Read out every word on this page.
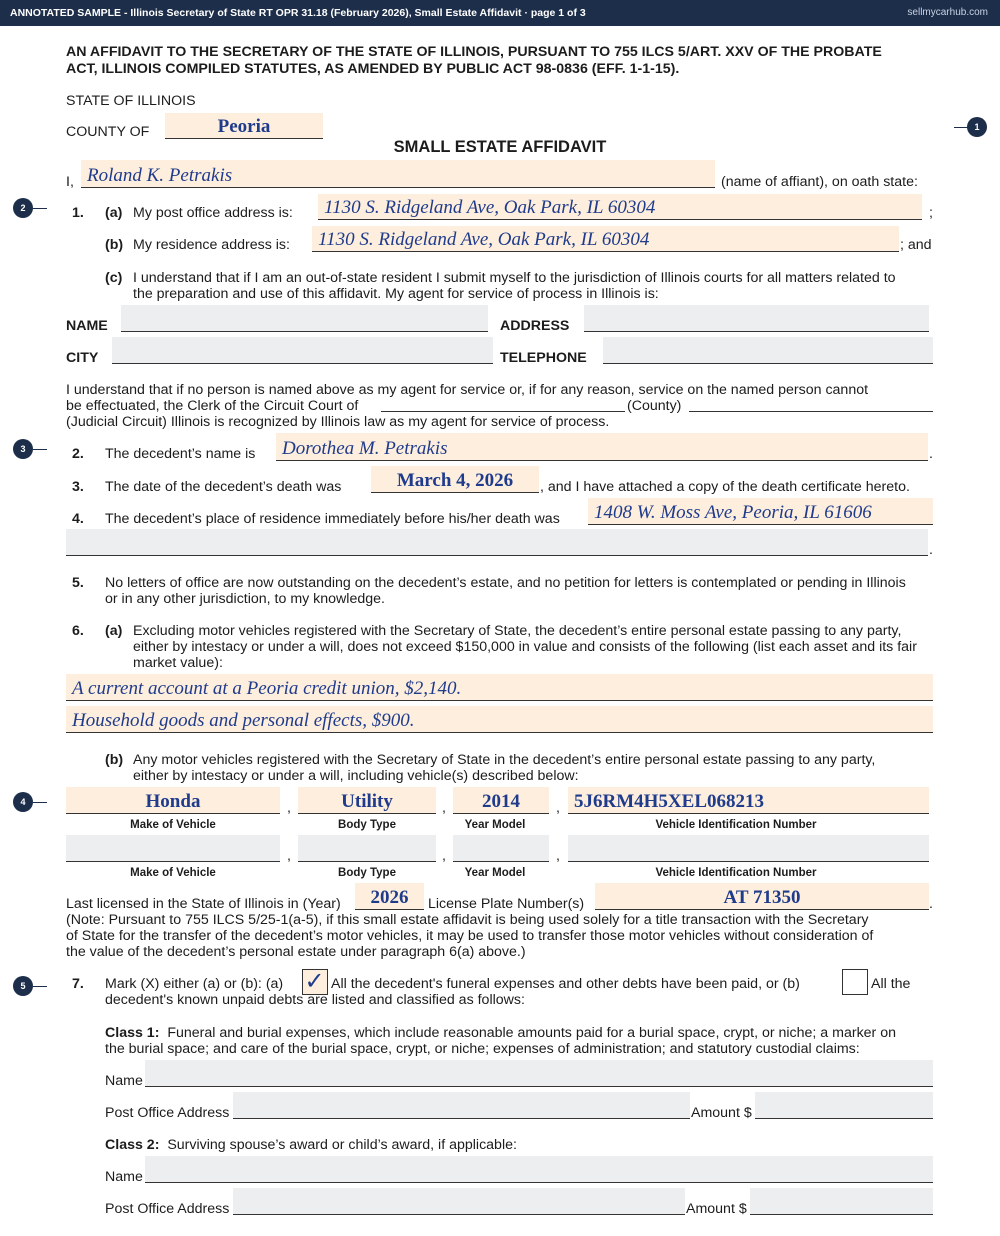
ANNOTATED SAMPLE - Illinois Secretary of State RT OPR 31.18 (February 2026), Small Estate Affidavit · page 1 of 3	sellmycarhub.com
AN AFFIDAVIT TO THE SECRETARY OF THE STATE OF ILLINOIS, PURSUANT TO 755 ILCS 5/ART. XXV OF THE PROBATE
ACT, ILLINOIS COMPILED STATUTES, AS AMENDED BY PUBLIC ACT 98-0836 (EFF. 1-1-15).
STATE OF ILLINOIS
COUNTY OF	Peoria
SMALL ESTATE AFFIDAVIT
I, Roland K. Petrakis	(name of affiant), on oath state:
1. (a) My post office address is: 1130 S. Ridgeland Ave, Oak Park, IL 60304	;
(b) My residence address is: 1130 S. Ridgeland Ave, Oak Park, IL 60304	; and
(c) I understand that if I am an out-of-state resident I submit myself to the jurisdiction of Illinois courts for all matters related to
the preparation and use of this affidavit. My agent for service of process in Illinois is:
NAME	ADDRESS
CITY	TELEPHONE
I understand that if no person is named above as my agent for service or, if for any reason, service on the named person cannot
be effectuated, the Clerk of the Circuit Court of	(County)
(Judicial Circuit) Illinois is recognized by Illinois law as my agent for service of process.
2. The decedent’s name is Dorothea M. Petrakis	.
3. The date of the decedent’s death was	March 4, 2026	, and I have attached a copy of the death certificate hereto.
4. The decedent’s place of residence immediately before his/her death was 1408 W. Moss Ave, Peoria, IL 61606
.
5. No letters of office are now outstanding on the decedent’s estate, and no petition for letters is contemplated or pending in Illinois
or in any other jurisdiction, to my knowledge.
6. (a) Excluding motor vehicles registered with the Secretary of State, the decedent’s entire personal estate passing to any party,
either by intestacy or under a will, does not exceed $150,000 in value and consists of the following (list each asset and its fair
market value):
A current account at a Peoria credit union, $2,140.
Household goods and personal effects, $900.
(b) Any motor vehicles registered with the Secretary of State in the decedent’s entire personal estate passing to any party,
either by intestacy or under a will, including vehicle(s) described below:
Honda	,	Utility	,	2014	, 5J6RM4H5XEL068213
Make of Vehicle	Body Type	Year Model	Vehicle Identification Number
,	,	,
Make of Vehicle	Body Type	Year Model	Vehicle Identification Number
Last licensed in the State of Illinois in (Year)	2026	License Plate Number(s)	AT 71350	.
(Note: Pursuant to 755 ILCS 5/25-1(a-5), if this small estate affidavit is being used solely for a title transaction with the Secretary
of State for the transfer of the decedent’s motor vehicles, it may be used to transfer those motor vehicles without consideration of
the value of the decedent’s personal estate under paragraph 6(a) above.)
7. Mark (X) either (a) or (b): (a) ✓ All the decedent's funeral expenses and other debts have been paid, or (b)	All the
decedent's known unpaid debts are listed and classified as follows:
Class 1: Funeral and burial expenses, which include reasonable amounts paid for a burial space, crypt, or niche; a marker on
the burial space; and care of the burial space, crypt, or niche; expenses of administration; and statutory custodial claims:
Name
Post Office Address	Amount $
Class 2: Surviving spouse’s award or child’s award, if applicable:
Name
Post Office Address	Amount $
1
2
3
4
5
